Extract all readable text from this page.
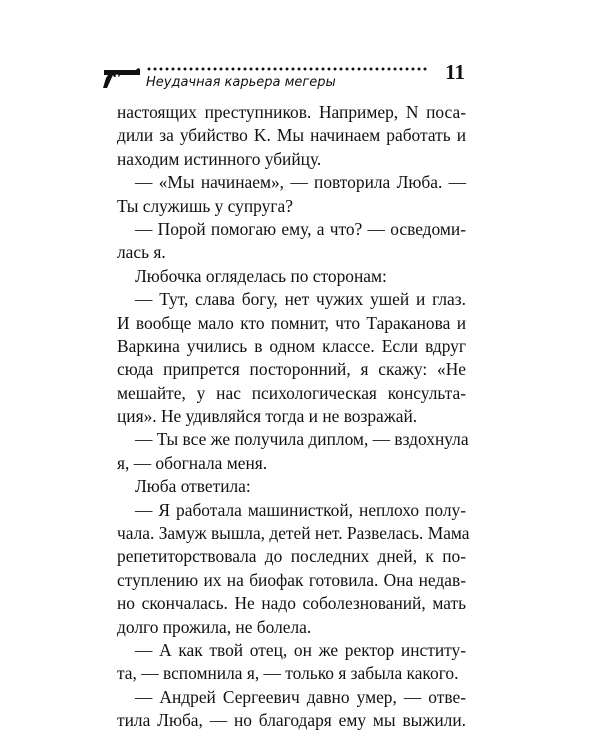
Неудачная карьера мегеры	11
настоящих преступников. Например, N поса-
дили за убийство K. Мы начинаем работать и
находим истинного убийцу.
— «Мы начинаем», — повторила Люба. —
Ты служишь у супруга?
— Порой помогаю ему, а что? — осведоми-
лась я.
Любочка огляделась по сторонам:
— Тут, слава богу, нет чужих ушей и глаз.
И вообще мало кто помнит, что Тараканова и
Варкина учились в одном классе. Если вдруг
сюда припрется посторонний, я скажу: «Не
мешайте, у нас психологическая консульта-
ция». Не удивляйся тогда и не возражай.
— Ты все же получила диплом, — вздохнула
я, — обогнала меня.
Люба ответила:
— Я работала машинисткой, неплохо полу-
чала. Замуж вышла, детей нет. Развелась. Мама
репетиторствовала до последних дней, к по-
ступлению их на биофак готовила. Она недав-
но скончалась. Не надо соболезнований, мать
долго прожила, не болела.
— А как твой отец, он же ректор институ-
та, — вспомнила я, — только я забыла какого.
— Андрей Сергеевич давно умер, — отве-
тила Люба, — но благодаря ему мы выжили.
